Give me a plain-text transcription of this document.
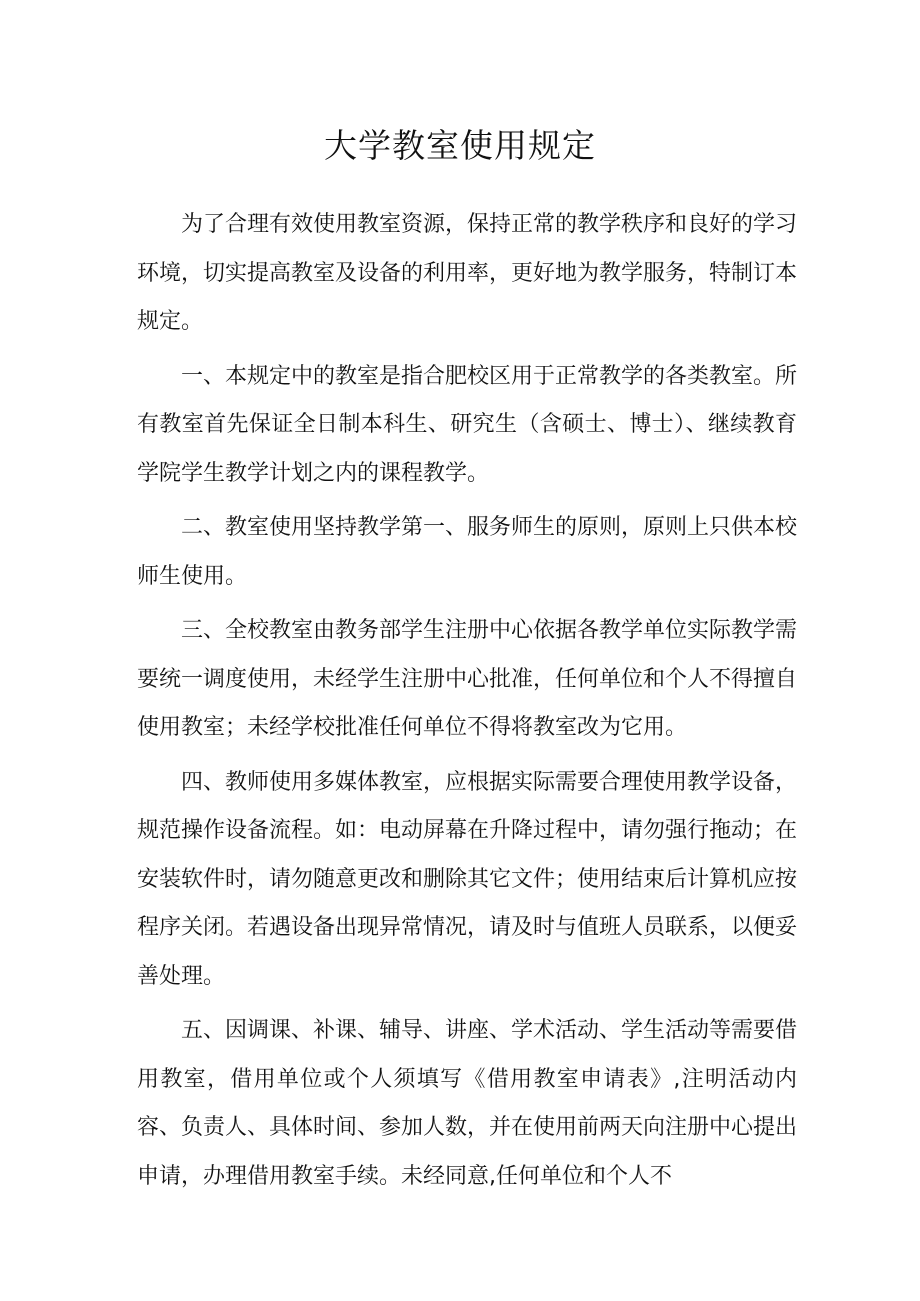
大学教室使用规定

为了合理有效使用教室资源，保持正常的教学秩序和良好的学习环境，切实提高教室及设备的利用率，更好地为教学服务，特制订本规定。

一、本规定中的教室是指合肥校区用于正常教学的各类教室。所有教室首先保证全日制本科生、研究生（含硕士、博士）、继续教育学院学生教学计划之内的课程教学。

二、教室使用坚持教学第一、服务师生的原则，原则上只供本校师生使用。

三、全校教室由教务部学生注册中心依据各教学单位实际教学需要统一调度使用，未经学生注册中心批准，任何单位和个人不得擅自使用教室；未经学校批准任何单位不得将教室改为它用。

四、教师使用多媒体教室，应根据实际需要合理使用教学设备，规范操作设备流程。如：电动屏幕在升降过程中，请勿强行拖动；在安装软件时，请勿随意更改和删除其它文件；使用结束后计算机应按程序关闭。若遇设备出现异常情况，请及时与值班人员联系，以便妥善处理。

五、因调课、补课、辅导、讲座、学术活动、学生活动等需要借用教室，借用单位或个人须填写《借用教室申请表》,注明活动内容、负责人、具体时间、参加人数，并在使用前两天向注册中心提出申请，办理借用教室手续。未经同意,任何单位和个人不
